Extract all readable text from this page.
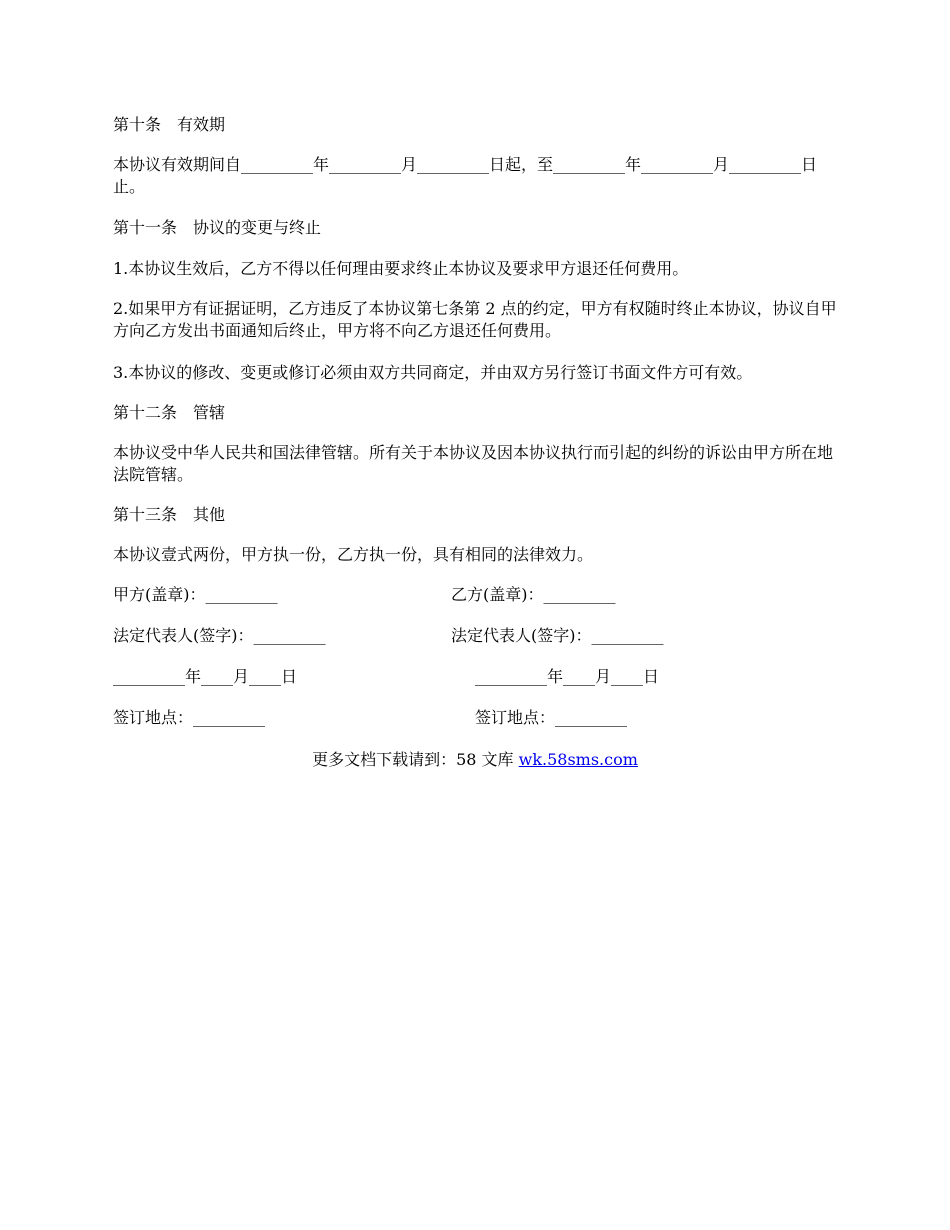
第十条　有效期
本协议有效期间自_________年_________月_________日起，至_________年_________月_________日止。
第十一条　协议的变更与终止
1.本协议生效后，乙方不得以任何理由要求终止本协议及要求甲方退还任何费用。
2.如果甲方有证据证明，乙方违反了本协议第七条第 2 点的约定，甲方有权随时终止本协议，协议自甲方向乙方发出书面通知后终止，甲方将不向乙方退还任何费用。
3.本协议的修改、变更或修订必须由双方共同商定，并由双方另行签订书面文件方可有效。
第十二条　管辖
本协议受中华人民共和国法律管辖。所有关于本协议及因本协议执行而引起的纠纷的诉讼由甲方所在地法院管辖。
第十三条　其他
本协议壹式两份，甲方执一份，乙方执一份，具有相同的法律效力。
甲方(盖章)：_________	乙方(盖章)：_________
法定代表人(签字)：_________	法定代表人(签字)：_________
_________年____月____日	_________年____月____日
签订地点：_________	签订地点：_________
更多文档下载请到：58 文库 wk.58sms.com
